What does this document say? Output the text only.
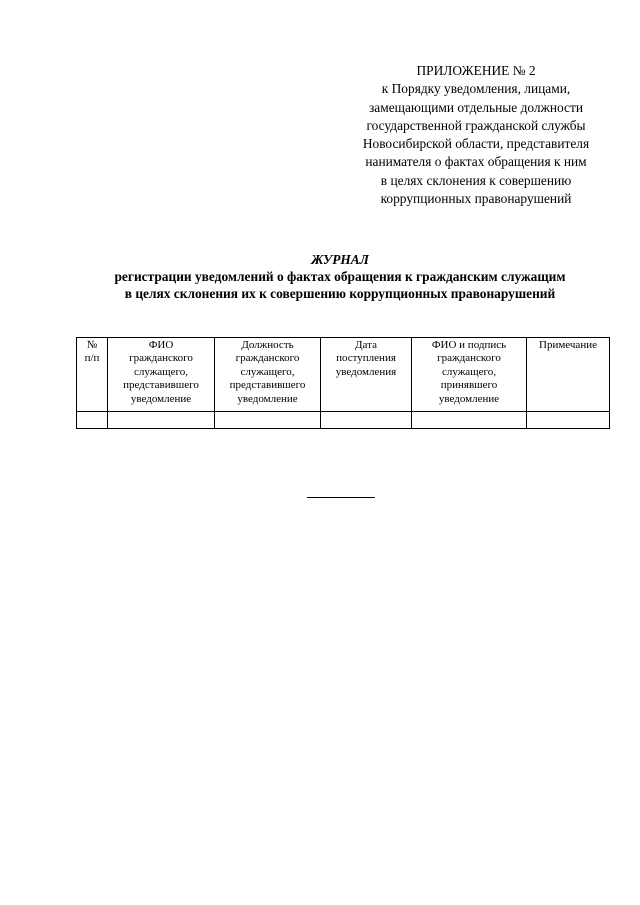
ПРИЛОЖЕНИЕ № 2
к Порядку уведомления, лицами,
замещающими отдельные должности
государственной гражданской службы
Новосибирской области, представителя
нанимателя о фактах обращения к ним
в целях склонения к совершению
коррупционных правонарушений
ЖУРНАЛ
регистрации уведомлений о фактах обращения к гражданским служащим
в целях склонения их к совершению коррупционных правонарушений
№
п/п	ФИО
гражданского
служащего,
представившего
уведомление	Должность
гражданского
служащего,
представившего
уведомление	Дата
поступления
уведомления	ФИО и подпись
гражданского
служащего,
принявшего
уведомление	Примечание
